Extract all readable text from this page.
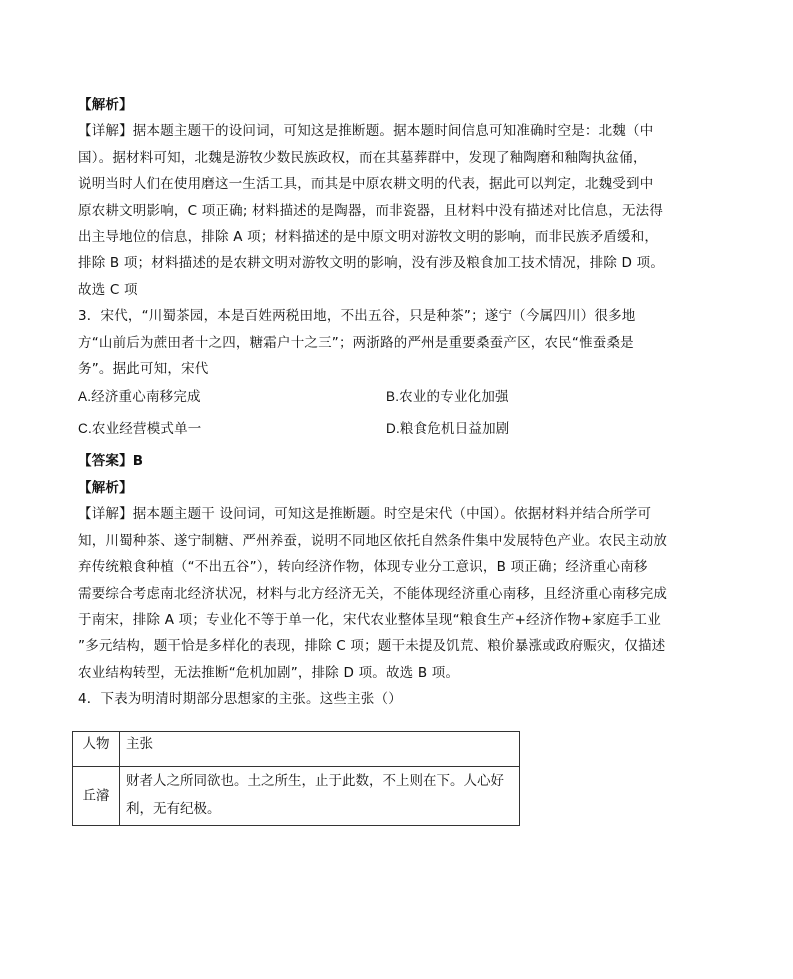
【解析】
【详解】据本题主题干的设问词，可知这是推断题。据本题时间信息可知准确时空是：北魏（中
国）。据材料可知，北魏是游牧少数民族政权，而在其墓葬群中，发现了釉陶磨和釉陶执盆俑，
说明当时人们在使用磨这一生活工具，而其是中原农耕文明的代表，据此可以判定，北魏受到中
原农耕文明影响，C 项正确; 材料描述的是陶器，而非瓷器，且材料中没有描述对比信息，无法得
出主导地位的信息，排除 A 项；材料描述的是中原文明对游牧文明的影响，而非民族矛盾缓和，
排除 B 项；材料描述的是农耕文明对游牧文明的影响，没有涉及粮食加工技术情况，排除 D 项。
故选 C 项
3．宋代，“川蜀茶园，本是百姓两税田地，不出五谷，只是种茶”；遂宁（今属四川）很多地
方“山前后为蔗田者十之四，糖霜户十之三”；两浙路的严州是重要桑蚕产区，农民“惟蚕桑是
务”。据此可知，宋代
A.经济重心南移完成	B.农业的专业化加强
C.农业经营模式单一	D.粮食危机日益加剧
【答案】B
【解析】
【详解】据本题主题干 设问词，可知这是推断题。时空是宋代（中国）。依据材料并结合所学可
知，川蜀种茶、遂宁制糖、严州养蚕，说明不同地区依托自然条件集中发展特色产业。农民主动放
弃传统粮食种植（“不出五谷”），转向经济作物，体现专业分工意识，B 项正确；经济重心南移
需要综合考虑南北经济状况，材料与北方经济无关，不能体现经济重心南移，且经济重心南移完成
于南宋，排除 A 项；专业化不等于单一化，宋代农业整体呈现“粮食生产+经济作物+家庭手工业
”多元结构，题干恰是多样化的表现，排除 C 项；题干未提及饥荒、粮价暴涨或政府赈灾，仅描述
农业结构转型，无法推断“危机加剧”，排除 D 项。故选 B 项。
4．下表为明清时期部分思想家的主张。这些主张（）
人物	主张
丘濬	财者人之所同欲也。土之所生，止于此数，不上则在下。人心好
利，无有纪极。
